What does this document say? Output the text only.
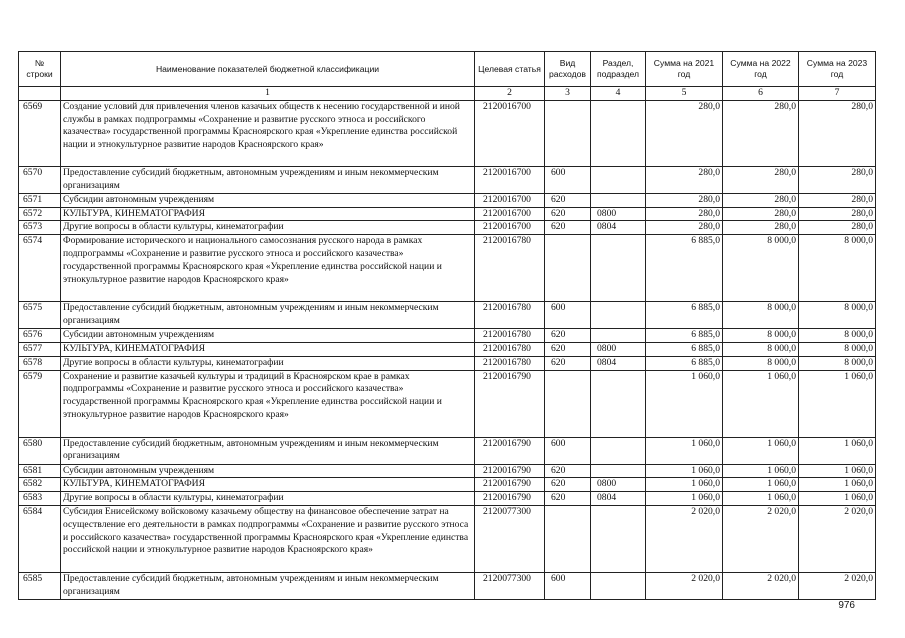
№ строки	Наименование показателей бюджетной классификации	Целевая статья	Вид расходов	Раздел, подраздел	Сумма на 2021 год	Сумма на 2022 год	Сумма на 2023 год
	1	2	3	4	5	6	7
6569	Создание условий для привлечения членов казачьих обществ к несению государственной и иной службы в рамках подпрограммы «Сохранение и развитие русского этноса и российского казачества» государственной программы Красноярского края «Укрепление единства российской нации и этнокультурное развитие народов Красноярского края»	2120016700			280,0	280,0	280,0
6570	Предоставление субсидий бюджетным, автономным учреждениям и иным некоммерческим организациям	2120016700	600		280,0	280,0	280,0
6571	Субсидии автономным учреждениям	2120016700	620		280,0	280,0	280,0
6572	КУЛЬТУРА, КИНЕМАТОГРАФИЯ	2120016700	620	0800	280,0	280,0	280,0
6573	Другие вопросы в области культуры, кинематографии	2120016700	620	0804	280,0	280,0	280,0
6574	Формирование исторического и национального самосознания русского народа в рамках подпрограммы «Сохранение и развитие русского этноса и российского казачества» государственной программы Красноярского края «Укрепление единства российской нации и этнокультурное развитие народов Красноярского края»	2120016780			6 885,0	8 000,0	8 000,0
6575	Предоставление субсидий бюджетным, автономным учреждениям и иным некоммерческим организациям	2120016780	600		6 885,0	8 000,0	8 000,0
6576	Субсидии автономным учреждениям	2120016780	620		6 885,0	8 000,0	8 000,0
6577	КУЛЬТУРА, КИНЕМАТОГРАФИЯ	2120016780	620	0800	6 885,0	8 000,0	8 000,0
6578	Другие вопросы в области культуры, кинематографии	2120016780	620	0804	6 885,0	8 000,0	8 000,0
6579	Сохранение и развитие казачьей культуры и традиций в Красноярском крае в рамках подпрограммы «Сохранение и развитие русского этноса и российского казачества» государственной программы Красноярского края «Укрепление единства российской нации и этнокультурное развитие народов Красноярского края»	2120016790			1 060,0	1 060,0	1 060,0
6580	Предоставление субсидий бюджетным, автономным учреждениям и иным некоммерческим организациям	2120016790	600		1 060,0	1 060,0	1 060,0
6581	Субсидии автономным учреждениям	2120016790	620		1 060,0	1 060,0	1 060,0
6582	КУЛЬТУРА, КИНЕМАТОГРАФИЯ	2120016790	620	0800	1 060,0	1 060,0	1 060,0
6583	Другие вопросы в области культуры, кинематографии	2120016790	620	0804	1 060,0	1 060,0	1 060,0
6584	Субсидия Енисейскому войсковому казачьему обществу на финансовое обеспечение затрат на осуществление его деятельности в рамках подпрограммы «Сохранение и развитие русского этноса и российского казачества» государственной программы Красноярского края «Укрепление единства российской нации и этнокультурное развитие народов Красноярского края»	2120077300			2 020,0	2 020,0	2 020,0
6585	Предоставление субсидий бюджетным, автономным учреждениям и иным некоммерческим организациям	2120077300	600		2 020,0	2 020,0	2 020,0
976
